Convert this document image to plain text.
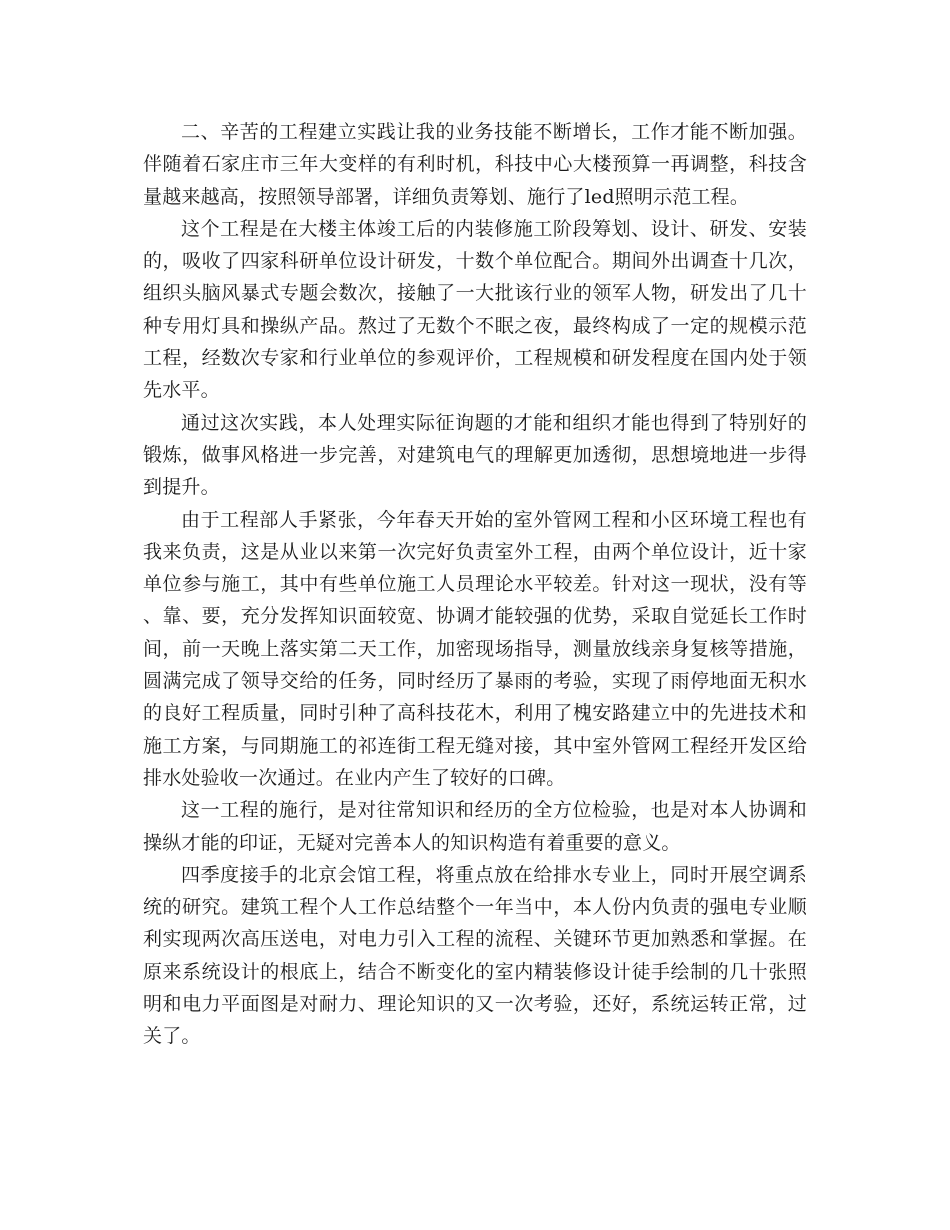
二、辛苦的工程建立实践让我的业务技能不断增长，工作才能不断加强。伴随着石家庄市三年大变样的有利时机，科技中心大楼预算一再调整，科技含量越来越高，按照领导部署，详细负责筹划、施行了led照明示范工程。

这个工程是在大楼主体竣工后的内装修施工阶段筹划、设计、研发、安装的，吸收了四家科研单位设计研发，十数个单位配合。期间外出调查十几次，组织头脑风暴式专题会数次，接触了一大批该行业的领军人物，研发出了几十种专用灯具和操纵产品。熬过了无数个不眠之夜，最终构成了一定的规模示范工程，经数次专家和行业单位的参观评价，工程规模和研发程度在国内处于领先水平。

通过这次实践，本人处理实际征询题的才能和组织才能也得到了特别好的锻炼，做事风格进一步完善，对建筑电气的理解更加透彻，思想境地进一步得到提升。

由于工程部人手紧张，今年春天开始的室外管网工程和小区环境工程也有我来负责，这是从业以来第一次完好负责室外工程，由两个单位设计，近十家单位参与施工，其中有些单位施工人员理论水平较差。针对这一现状，没有等、靠、要，充分发挥知识面较宽、协调才能较强的优势，采取自觉延长工作时间，前一天晚上落实第二天工作，加密现场指导，测量放线亲身复核等措施，圆满完成了领导交给的任务，同时经历了暴雨的考验，实现了雨停地面无积水的良好工程质量，同时引种了高科技花木，利用了槐安路建立中的先进技术和施工方案，与同期施工的祁连街工程无缝对接，其中室外管网工程经开发区给排水处验收一次通过。在业内产生了较好的口碑。

这一工程的施行，是对往常知识和经历的全方位检验，也是对本人协调和操纵才能的印证，无疑对完善本人的知识构造有着重要的意义。

四季度接手的北京会馆工程，将重点放在给排水专业上，同时开展空调系统的研究。建筑工程个人工作总结整个一年当中，本人份内负责的强电专业顺利实现两次高压送电，对电力引入工程的流程、关键环节更加熟悉和掌握。在原来系统设计的根底上，结合不断变化的室内精装修设计徒手绘制的几十张照明和电力平面图是对耐力、理论知识的又一次考验，还好，系统运转正常，过关了。
